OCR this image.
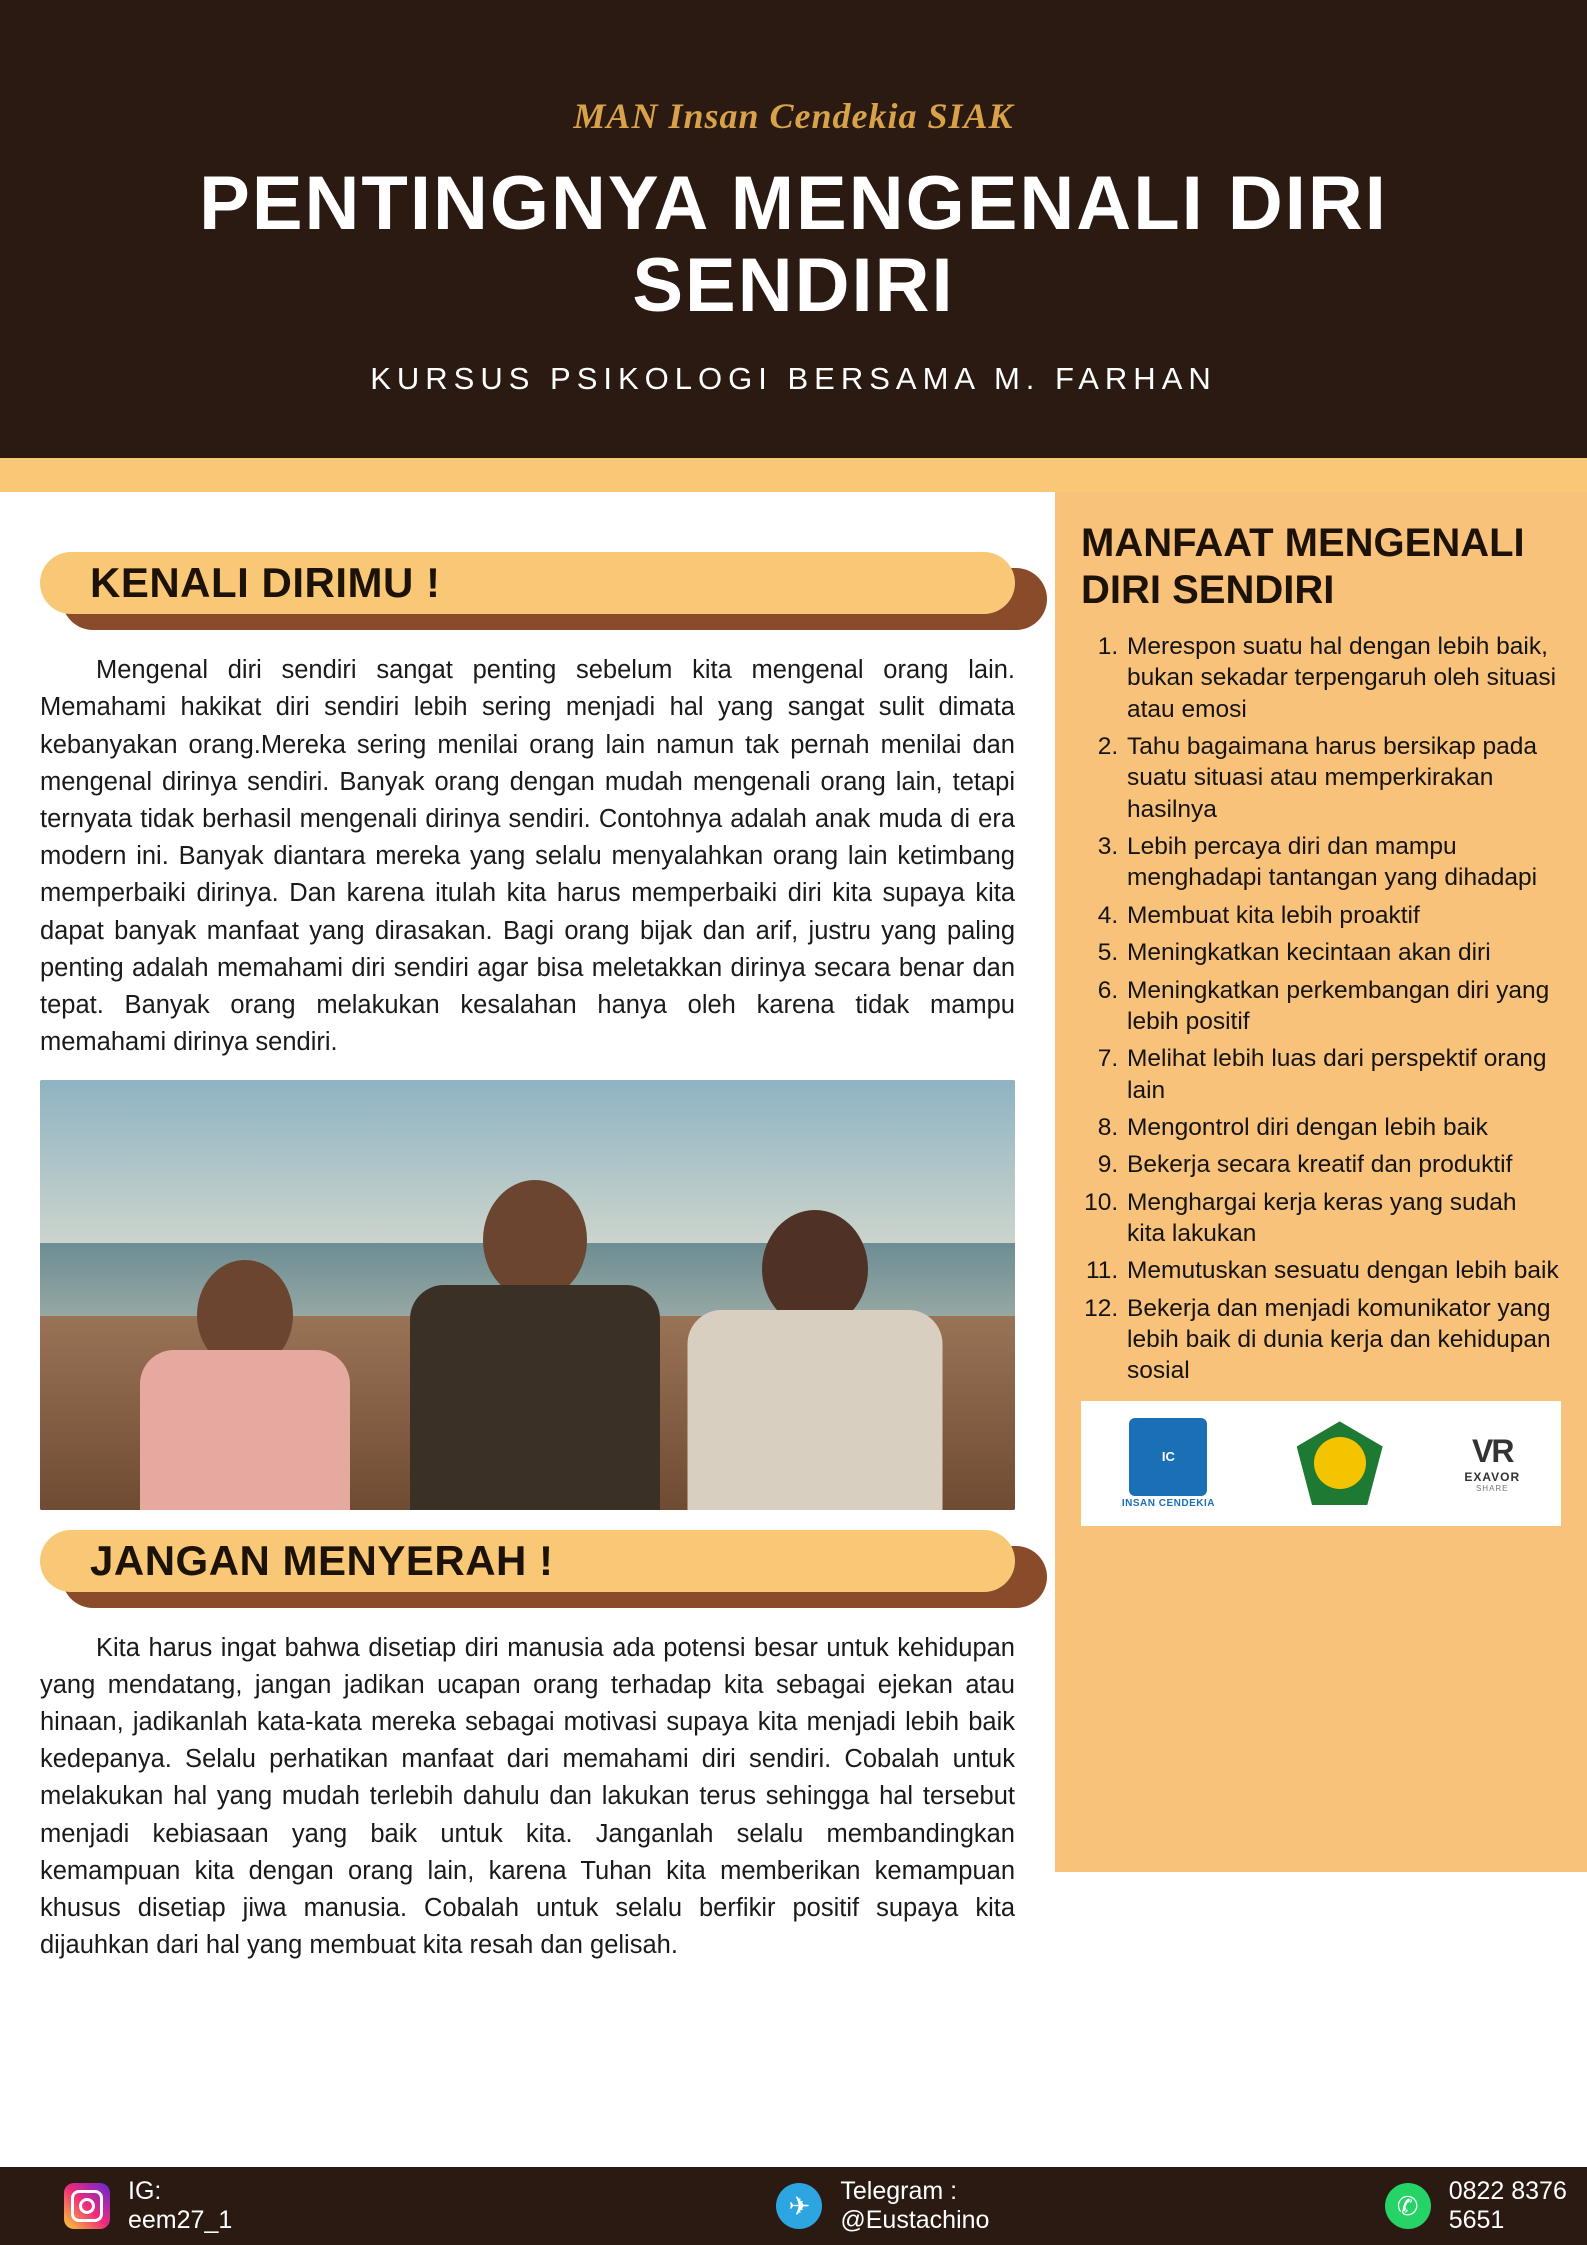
MAN Insan Cendekia SIAK
PENTINGNYA MENGENALI DIRI SENDIRI
KURSUS PSIKOLOGI BERSAMA M. FARHAN
KENALI DIRIMU !

Mengenal diri sendiri sangat penting sebelum kita mengenal orang lain. Memahami hakikat diri sendiri lebih sering menjadi hal yang sangat sulit dimata kebanyakan orang.Mereka sering menilai orang lain namun tak pernah menilai dan mengenal dirinya sendiri. Banyak orang dengan mudah mengenali orang lain, tetapi ternyata tidak berhasil mengenali dirinya sendiri. Contohnya adalah anak muda di era modern ini. Banyak diantara mereka yang selalu menyalahkan orang lain ketimbang memperbaiki dirinya. Dan karena itulah kita harus memperbaiki diri kita supaya kita dapat banyak manfaat yang dirasakan. Bagi orang bijak dan arif, justru yang paling penting adalah memahami diri sendiri agar bisa meletakkan dirinya secara benar dan tepat. Banyak orang melakukan kesalahan hanya oleh karena tidak mampu memahami dirinya sendiri.

JANGAN MENYERAH !

Kita harus ingat bahwa disetiap diri manusia ada potensi besar untuk kehidupan yang mendatang, jangan jadikan ucapan orang terhadap kita sebagai ejekan atau hinaan, jadikanlah kata-kata mereka sebagai motivasi supaya kita menjadi lebih baik kedepanya. Selalu perhatikan manfaat dari memahami diri sendiri. Cobalah untuk melakukan hal yang mudah terlebih dahulu dan lakukan terus sehingga hal tersebut menjadi kebiasaan yang baik untuk kita. Janganlah selalu membandingkan kemampuan kita dengan orang lain, karena Tuhan kita memberikan kemampuan khusus disetiap jiwa manusia. Cobalah untuk selalu berfikir positif supaya kita dijauhkan dari hal yang membuat kita resah dan gelisah.

MANFAAT MENGENALI DIRI SENDIRI
1. Merespon suatu hal dengan lebih baik, bukan sekadar terpengaruh oleh situasi atau emosi
2. Tahu bagaimana harus bersikap pada suatu situasi atau memperkirakan hasilnya
3. Lebih percaya diri dan mampu menghadapi tantangan yang dihadapi
4. Membuat kita lebih proaktif
5. Meningkatkan kecintaan akan diri
6. Meningkatkan perkembangan diri yang lebih positif
7. Melihat lebih luas dari perspektif orang lain
8. Mengontrol diri dengan lebih baik
9. Bekerja secara kreatif dan produktif
10. Menghargai kerja keras yang sudah kita lakukan
11. Memutuskan sesuatu dengan lebih baik
12. Bekerja dan menjadi komunikator yang lebih baik di dunia kerja dan kehidupan sosial
IC
INSAN CENDEKIA
VR
EXAVOR
SHARE
IG: eem27_1	✈	Telegram : @Eustachino	✆	0822 8376 5651
